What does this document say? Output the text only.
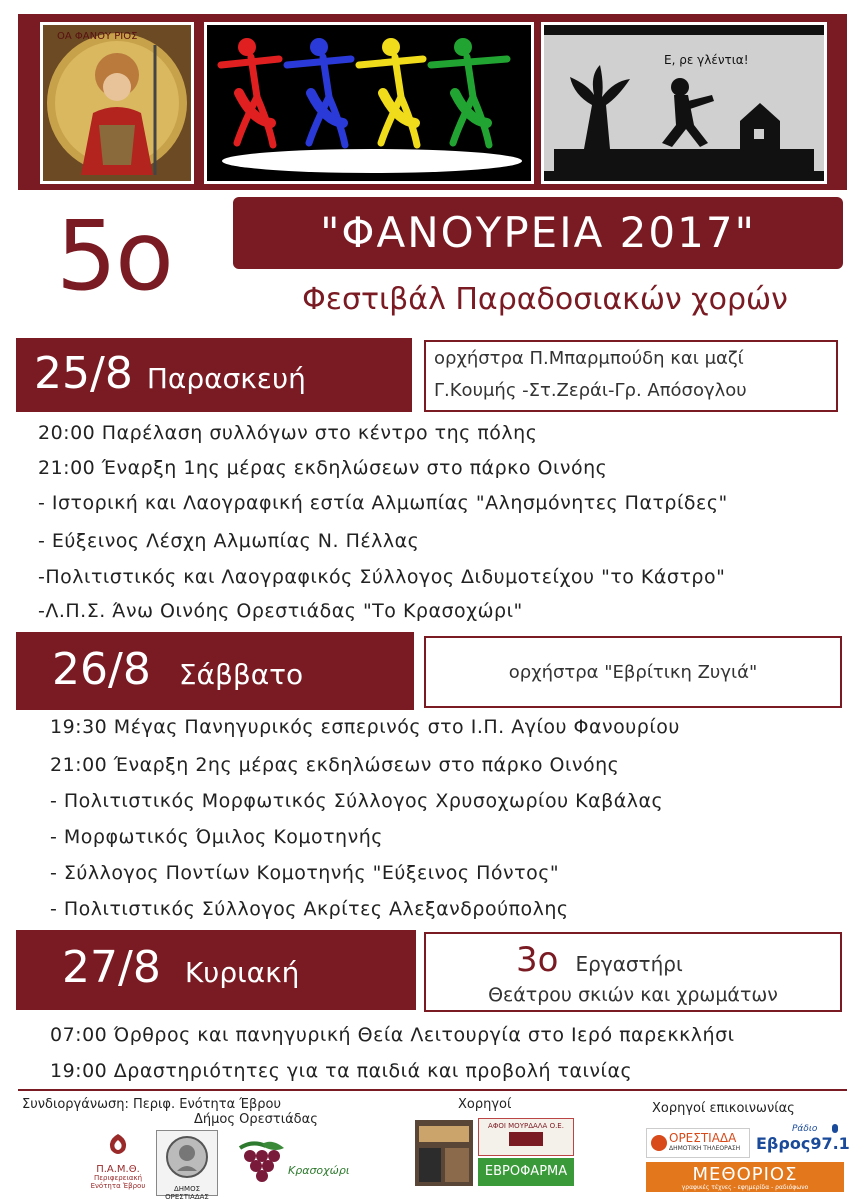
ΟΑ ΦΑΝΟΥ ΡΙΟΣ
Ε, ρε γλέντια!
5ο	"ΦΑΝΟΥΡΕΙΑ 2017"
Φεστιβάλ Παραδοσιακών χορών
25/8 Παρασκευή
ορχήστρα Π.Μπαρμπούδη και μαζί
Γ.Κουμής -Στ.Ζεράι-Γρ. Απόσογλου
20:00 Παρέλαση συλλόγων στο κέντρο της πόλης
21:00 Έναρξη 1ης μέρας εκδηλώσεων στο πάρκο Οινόης
- Ιστορική και Λαογραφική εστία Αλμωπίας "Αλησμόνητες Πατρίδες"
- Εύξεινος Λέσχη Αλμωπίας Ν. Πέλλας
-Πολιτιστικός και Λαογραφικός Σύλλογος Διδυμοτείχου "το Κάστρο"
-Λ.Π.Σ. Άνω Οινόης Ορεστιάδας "Το Κρασοχώρι"
26/8 Σάββατο	ορχήστρα "Εβρίτικη Ζυγιά"
19:30 Μέγας Πανηγυρικός εσπερινός στο Ι.Π. Αγίου Φανουρίου
21:00 Έναρξη 2ης μέρας εκδηλώσεων στο πάρκο Οινόης
- Πολιτιστικός Μορφωτικός Σύλλογος Χρυσοχωρίου Καβάλας
- Μορφωτικός Όμιλος Κομοτηνής
- Σύλλογος Ποντίων Κομοτηνής "Εύξεινος Πόντος"
- Πολιτιστικός Σύλλογος Ακρίτες Αλεξανδρούπολης
27/8 Κυριακή	3ο Εργαστήρι
Θεάτρου σκιών και χρωμάτων
07:00 Όρθρος και πανηγυρική Θεία Λειτουργία στο Ιερό παρεκκλήσι
19:00 Δραστηριότητες για τα παιδιά και προβολή ταινίας
Συνδιοργάνωση: Περιφ. Ενότητα Έβρου
Δήμος Ορεστιάδας
Χορηγοί	Χορηγοί επικοινωνίας
Π.Α.Μ.Θ.
Περιφερειακή Ενότητα Έβρου	ΔΗΜΟΣ ΟΡΕΣΤΙΑΔΑΣ
Κρασοχώρι
ΑΦΟΙ ΜΟΥΡΔΑΛΑ Ο.Ε.
ΕΒΡΟΦΑΡΜΑ
ΟΡΕΣΤΙΑΔΑ
ΔΗΜΟΤΙΚΗ ΤΗΛΕΟΡΑΣΗ
Ράδιο
Εβρος97.1
ΜΕΘΟΡΙΟΣ
γραφικές τέχνες - εφημερίδα - ραδιόφωνο
